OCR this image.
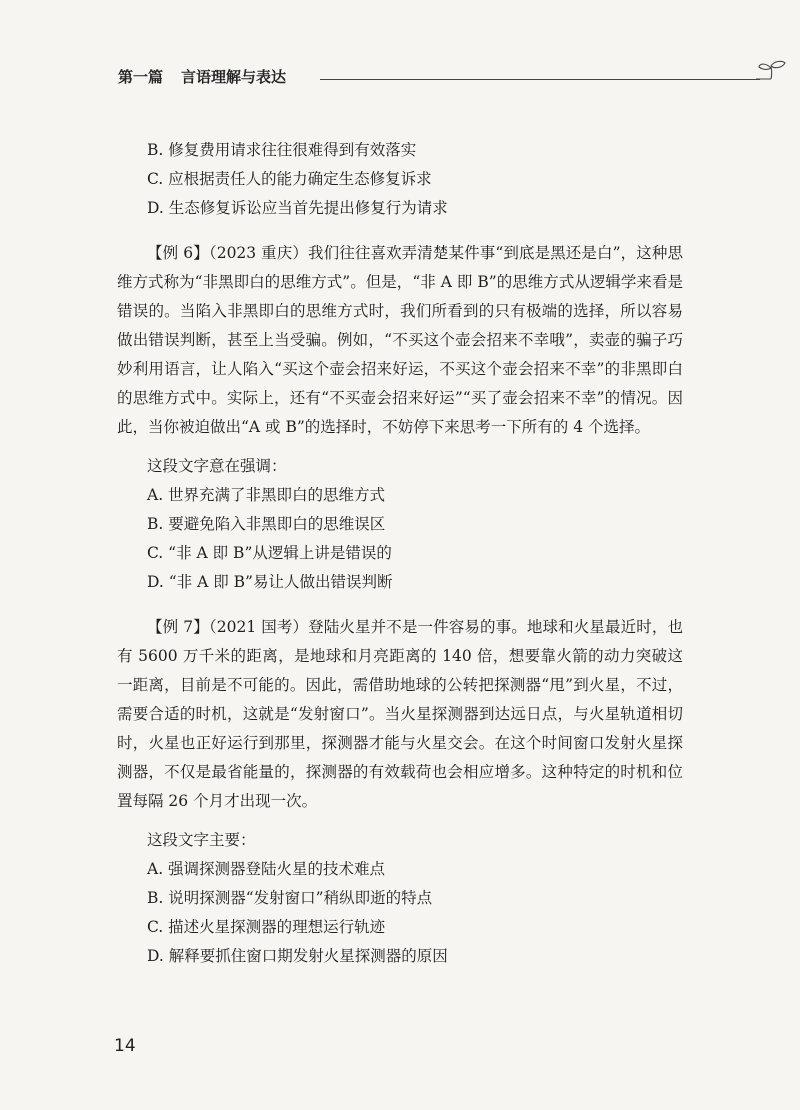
第一篇 言语理解与表达

B. 修复费用请求往往很难得到有效落实

C. 应根据责任人的能力确定生态修复诉求

D. 生态修复诉讼应当首先提出修复行为请求

【例 6】（2023 重庆）我们往往喜欢弄清楚某件事“到底是黑还是白”，这种思维方式称为“非黑即白的思维方式”。但是，“非 A 即 B”的思维方式从逻辑学来看是错误的。当陷入非黑即白的思维方式时，我们所看到的只有极端的选择，所以容易做出错误判断，甚至上当受骗。例如，“不买这个壶会招来不幸哦”，卖壶的骗子巧妙利用语言，让人陷入“买这个壶会招来好运，不买这个壶会招来不幸”的非黑即白的思维方式中。实际上，还有“不买壶会招来好运”“买了壶会招来不幸”的情况。因此，当你被迫做出“A 或 B”的选择时，不妨停下来思考一下所有的 4 个选择。

这段文字意在强调：

A. 世界充满了非黑即白的思维方式

B. 要避免陷入非黑即白的思维误区

C. “非 A 即 B”从逻辑上讲是错误的

D. “非 A 即 B”易让人做出错误判断

【例 7】（2021 国考）登陆火星并不是一件容易的事。地球和火星最近时，也有 5600 万千米的距离，是地球和月亮距离的 140 倍，想要靠火箭的动力突破这一距离，目前是不可能的。因此，需借助地球的公转把探测器“甩”到火星，不过，需要合适的时机，这就是“发射窗口”。当火星探测器到达远日点，与火星轨道相切时，火星也正好运行到那里，探测器才能与火星交会。在这个时间窗口发射火星探测器，不仅是最省能量的，探测器的有效载荷也会相应增多。这种特定的时机和位置每隔 26 个月才出现一次。

这段文字主要：

A. 强调探测器登陆火星的技术难点

B. 说明探测器“发射窗口”稍纵即逝的特点

C. 描述火星探测器的理想运行轨迹

D. 解释要抓住窗口期发射火星探测器的原因

14
